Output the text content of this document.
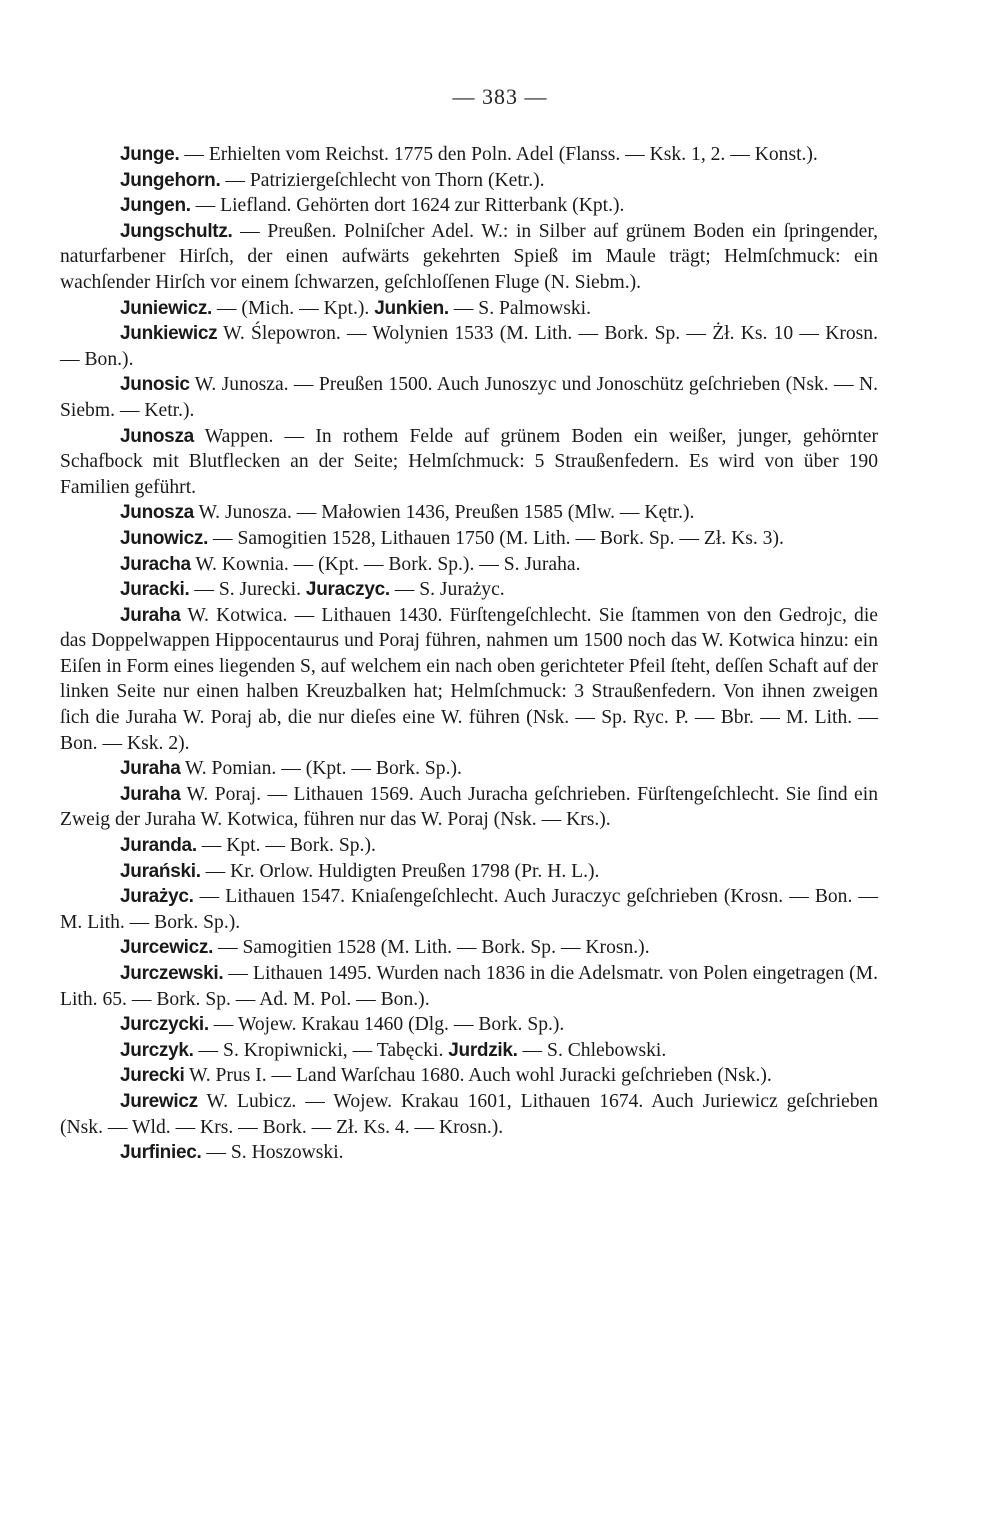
— 383 —

Junge. — Erhielten vom Reichst. 1775 den Poln. Adel (Flanss. — Ksk. 1, 2. — Konst.).

Jungehorn. — Patriziergeſchlecht von Thorn (Ketr.).

Jungen. — Liefland. Gehörten dort 1624 zur Ritterbank (Kpt.).

Jungschultz. — Preußen. Polniſcher Adel. W.: in Silber auf grünem Boden ein ſpringender, naturfarbener Hirſch, der einen aufwärts gekehrten Spieß im Maule trägt; Helmſchmuck: ein wachſender Hirſch vor einem ſchwarzen, geſchloſſenen Fluge (N. Siebm.).

Juniewicz. — (Mich. — Kpt.). Junkien. — S. Palmowski.

Junkiewicz W. Ślepowron. — Wolynien 1533 (M. Lith. — Bork. Sp. — Żł. Ks. 10 — Krosn. — Bon.).

Junosic W. Junosza. — Preußen 1500. Auch Junoszyc und Jonoschütz geſchrieben (Nsk. — N. Siebm. — Ketr.).

Junosza Wappen. — In rothem Felde auf grünem Boden ein weißer, junger, gehörnter Schafbock mit Blutflecken an der Seite; Helmſchmuck: 5 Straußenfedern. Es wird von über 190 Familien geführt.

Junosza W. Junosza. — Małowien 1436, Preußen 1585 (Mlw. — Kętr.).

Junowicz. — Samogitien 1528, Lithauen 1750 (M. Lith. — Bork. Sp. — Zł. Ks. 3).

Juracha W. Kownia. — (Kpt. — Bork. Sp.). — S. Juraha.

Juracki. — S. Jurecki. Juraczyc. — S. Jurażyc.

Juraha W. Kotwica. — Lithauen 1430. Fürſtengeſchlecht. Sie ſtammen von den Gedrojc, die das Doppelwappen Hippocentaurus und Poraj führen, nahmen um 1500 noch das W. Kotwica hinzu: ein Eiſen in Form eines liegenden S, auf welchem ein nach oben gerichteter Pfeil ſteht, deſſen Schaft auf der linken Seite nur einen halben Kreuzbalken hat; Helmſchmuck: 3 Straußenfedern. Von ihnen zweigen ſich die Juraha W. Poraj ab, die nur dieſes eine W. führen (Nsk. — Sp. Ryc. P. — Bbr. — M. Lith. — Bon. — Ksk. 2).

Juraha W. Pomian. — (Kpt. — Bork. Sp.).

Juraha W. Poraj. — Lithauen 1569. Auch Juracha geſchrieben. Fürſtengeſchlecht. Sie ſind ein Zweig der Juraha W. Kotwica, führen nur das W. Poraj (Nsk. — Krs.).

Juranda. — Kpt. — Bork. Sp.).

Jurański. — Kr. Orlow. Huldigten Preußen 1798 (Pr. H. L.).

Jurażyc. — Lithauen 1547. Kniaſengeſchlecht. Auch Juraczyc geſchrieben (Krosn. — Bon. — M. Lith. — Bork. Sp.).

Jurcewicz. — Samogitien 1528 (M. Lith. — Bork. Sp. — Krosn.).

Jurczewski. — Lithauen 1495. Wurden nach 1836 in die Adelsmatr. von Polen eingetragen (M. Lith. 65. — Bork. Sp. — Ad. M. Pol. — Bon.).

Jurczycki. — Wojew. Krakau 1460 (Dlg. — Bork. Sp.).

Jurczyk. — S. Kropiwnicki, — Tabęcki. Jurdzik. — S. Chlebowski.

Jurecki W. Prus I. — Land Warſchau 1680. Auch wohl Juracki geſchrieben (Nsk.).

Jurewicz W. Lubicz. — Wojew. Krakau 1601, Lithauen 1674. Auch Juriewicz geſchrieben (Nsk. — Wld. — Krs. — Bork. — Zł. Ks. 4. — Krosn.).

Jurfiniec. — S. Hoszowski.
